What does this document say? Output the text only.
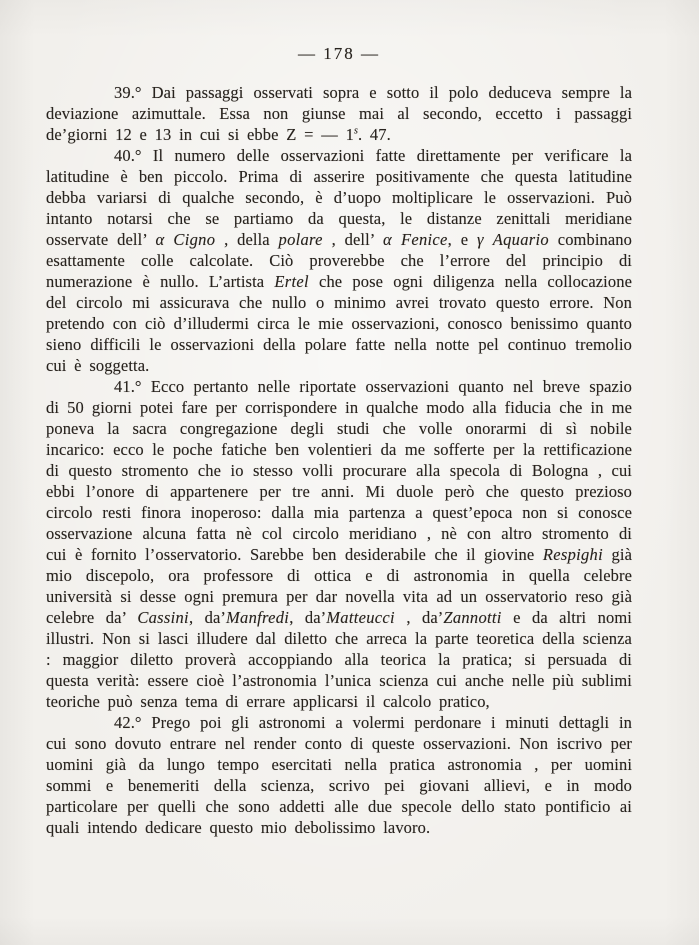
— 178 —

39.° Dai passaggi osservati sopra e sotto il polo deduceva sempre la deviazione azimuttale. Essa non giunse mai al secondo, eccetto i passaggi de’giorni 12 e 13 in cui si ebbe Z = — 1$^s$. 47.

40.° Il numero delle osservazioni fatte direttamente per verificare la latitudine è ben piccolo. Prima di asserire positivamente che questa latitudine debba variarsi di qualche secondo, è d’uopo moltiplicare le osservazioni. Può intanto notarsi che se partiamo da questa, le distanze zenittali meridiane osservate dell’ α Cigno , della polare , dell’ α Fenice, e γ Aquario combinano esattamente colle calcolate. Ciò proverebbe che l’errore del principio di numerazione è nullo. L’artista Ertel che pose ogni diligenza nella collocazione del circolo mi assicurava che nullo o minimo avrei trovato questo errore. Non pretendo con ciò d’illudermi circa le mie osservazioni, conosco benissimo quanto sieno difficili le osservazioni della polare fatte nella notte pel continuo tremolio cui è soggetta.

41.° Ecco pertanto nelle riportate osservazioni quanto nel breve spazio di 50 giorni potei fare per corrispondere in qualche modo alla fiducia che in me poneva la sacra congregazione degli studi che volle onorarmi di sì nobile incarico: ecco le poche fatiche ben volentieri da me sofferte per la rettificazione di questo stromento che io stesso volli procurare alla specola di Bologna , cui ebbi l’onore di appartenere per tre anni. Mi duole però che questo prezioso circolo resti finora inoperoso: dalla mia partenza a quest’epoca non si conosce osservazione alcuna fatta nè col circolo meridiano , nè con altro stromento di cui è fornito l’osservatorio. Sarebbe ben desiderabile che il giovine Respighi già mio discepolo, ora professore di ottica e di astronomia in quella celebre università si desse ogni premura per dar novella vita ad un osservatorio reso già celebre da’ Cassini, da’Manfredi, da’Matteucci , da’Zannotti e da altri nomi illustri. Non si lasci illudere dal diletto che arreca la parte teoretica della scienza : maggior diletto proverà accoppiando alla teorica la pratica; si persuada di questa verità: essere cioè l’astronomia l’unica scienza cui anche nelle più sublimi teoriche può senza tema di errare applicarsi il calcolo pratico,

42.° Prego poi gli astronomi a volermi perdonare i minuti dettagli in cui sono dovuto entrare nel render conto di queste osservazioni. Non iscrivo per uomini già da lungo tempo esercitati nella pratica astronomia , per uomini sommi e benemeriti della scienza, scrivo pei giovani allievi, e in modo particolare per quelli che sono addetti alle due specole dello stato pontificio ai quali intendo dedicare questo mio debolissimo lavoro.
